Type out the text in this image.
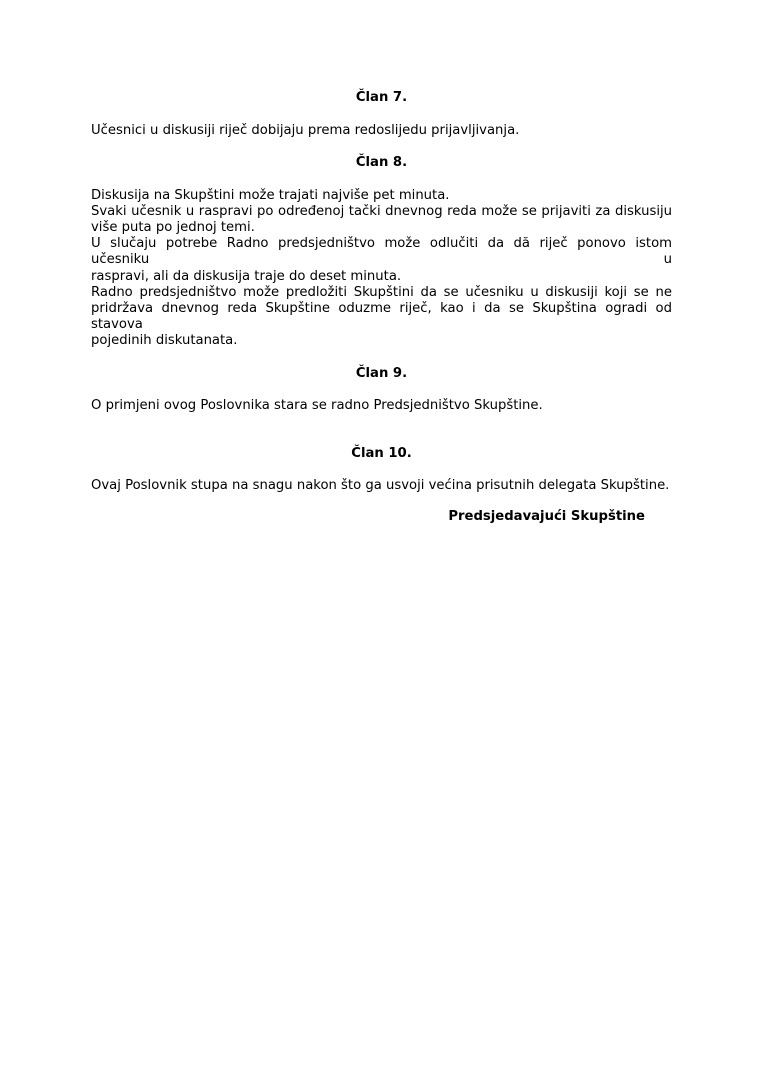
Član 7.

Učesnici u diskusiji riječ dobijaju prema redoslijedu prijavljivanja.

Član 8.

Diskusija na Skupštini može trajati najviše pet minuta.
Svaki učesnik u raspravi po određenoj tački dnevnog reda može se prijaviti za diskusiju
više puta po jednoj temi.
U slučaju potrebe Radno predsjedništvo može odlučiti da dă riječ ponovo istom učesniku u
raspravi, ali da diskusija traje do deset minuta.
Radno predsjedništvo može predložiti Skupštini da se učesniku u diskusiji koji se ne
pridržava dnevnog reda Skupštine oduzme riječ, kao i da se Skupština ogradi od stavova
pojedinih diskutanata.

Član 9.

O primjeni ovog Poslovnika stara se radno Predsjedništvo Skupštine.

Član 10.

Ovaj Poslovnik stupa na snagu nakon što ga usvoji većina prisutnih delegata Skupštine.

Predsjedavajući Skupštine
